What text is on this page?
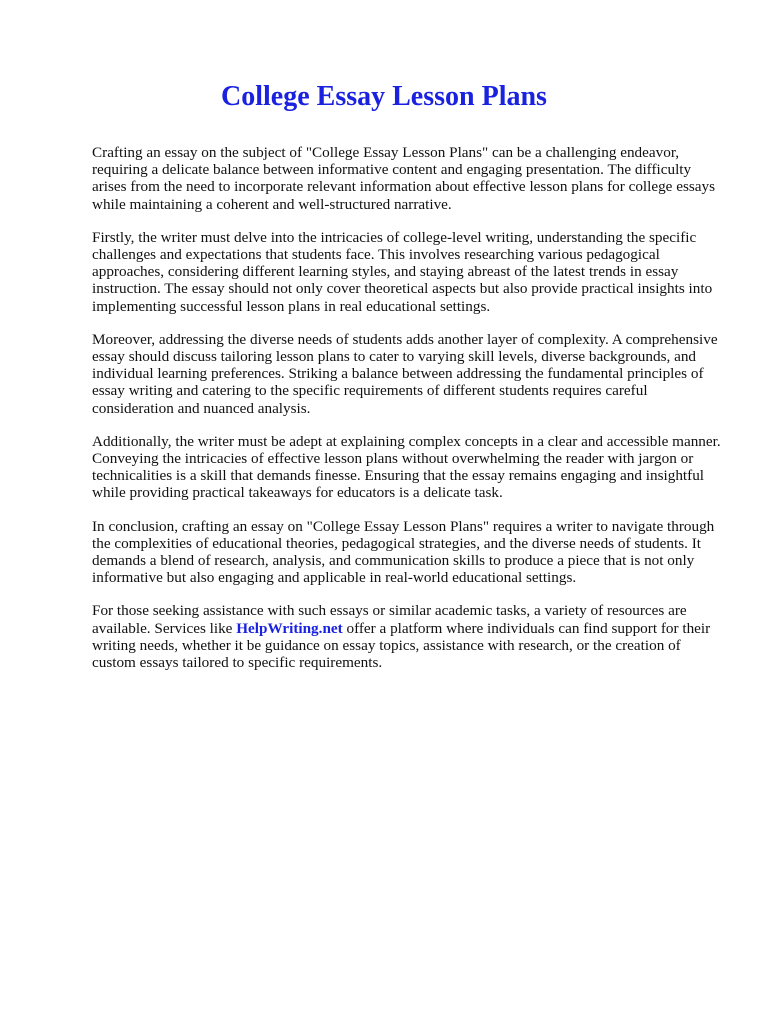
College Essay Lesson Plans

Crafting an essay on the subject of "College Essay Lesson Plans" can be a challenging endeavor, requiring a delicate balance between informative content and engaging presentation. The difficulty arises from the need to incorporate relevant information about effective lesson plans for college essays while maintaining a coherent and well-structured narrative.

Firstly, the writer must delve into the intricacies of college-level writing, understanding the specific challenges and expectations that students face. This involves researching various pedagogical approaches, considering different learning styles, and staying abreast of the latest trends in essay instruction. The essay should not only cover theoretical aspects but also provide practical insights into implementing successful lesson plans in real educational settings.

Moreover, addressing the diverse needs of students adds another layer of complexity. A comprehensive essay should discuss tailoring lesson plans to cater to varying skill levels, diverse backgrounds, and individual learning preferences. Striking a balance between addressing the fundamental principles of essay writing and catering to the specific requirements of different students requires careful consideration and nuanced analysis.

Additionally, the writer must be adept at explaining complex concepts in a clear and accessible manner. Conveying the intricacies of effective lesson plans without overwhelming the reader with jargon or technicalities is a skill that demands finesse. Ensuring that the essay remains engaging and insightful while providing practical takeaways for educators is a delicate task.

In conclusion, crafting an essay on "College Essay Lesson Plans" requires a writer to navigate through the complexities of educational theories, pedagogical strategies, and the diverse needs of students. It demands a blend of research, analysis, and communication skills to produce a piece that is not only informative but also engaging and applicable in real-world educational settings.

For those seeking assistance with such essays or similar academic tasks, a variety of resources are available. Services like HelpWriting.net offer a platform where individuals can find support for their writing needs, whether it be guidance on essay topics, assistance with research, or the creation of custom essays tailored to specific requirements.
